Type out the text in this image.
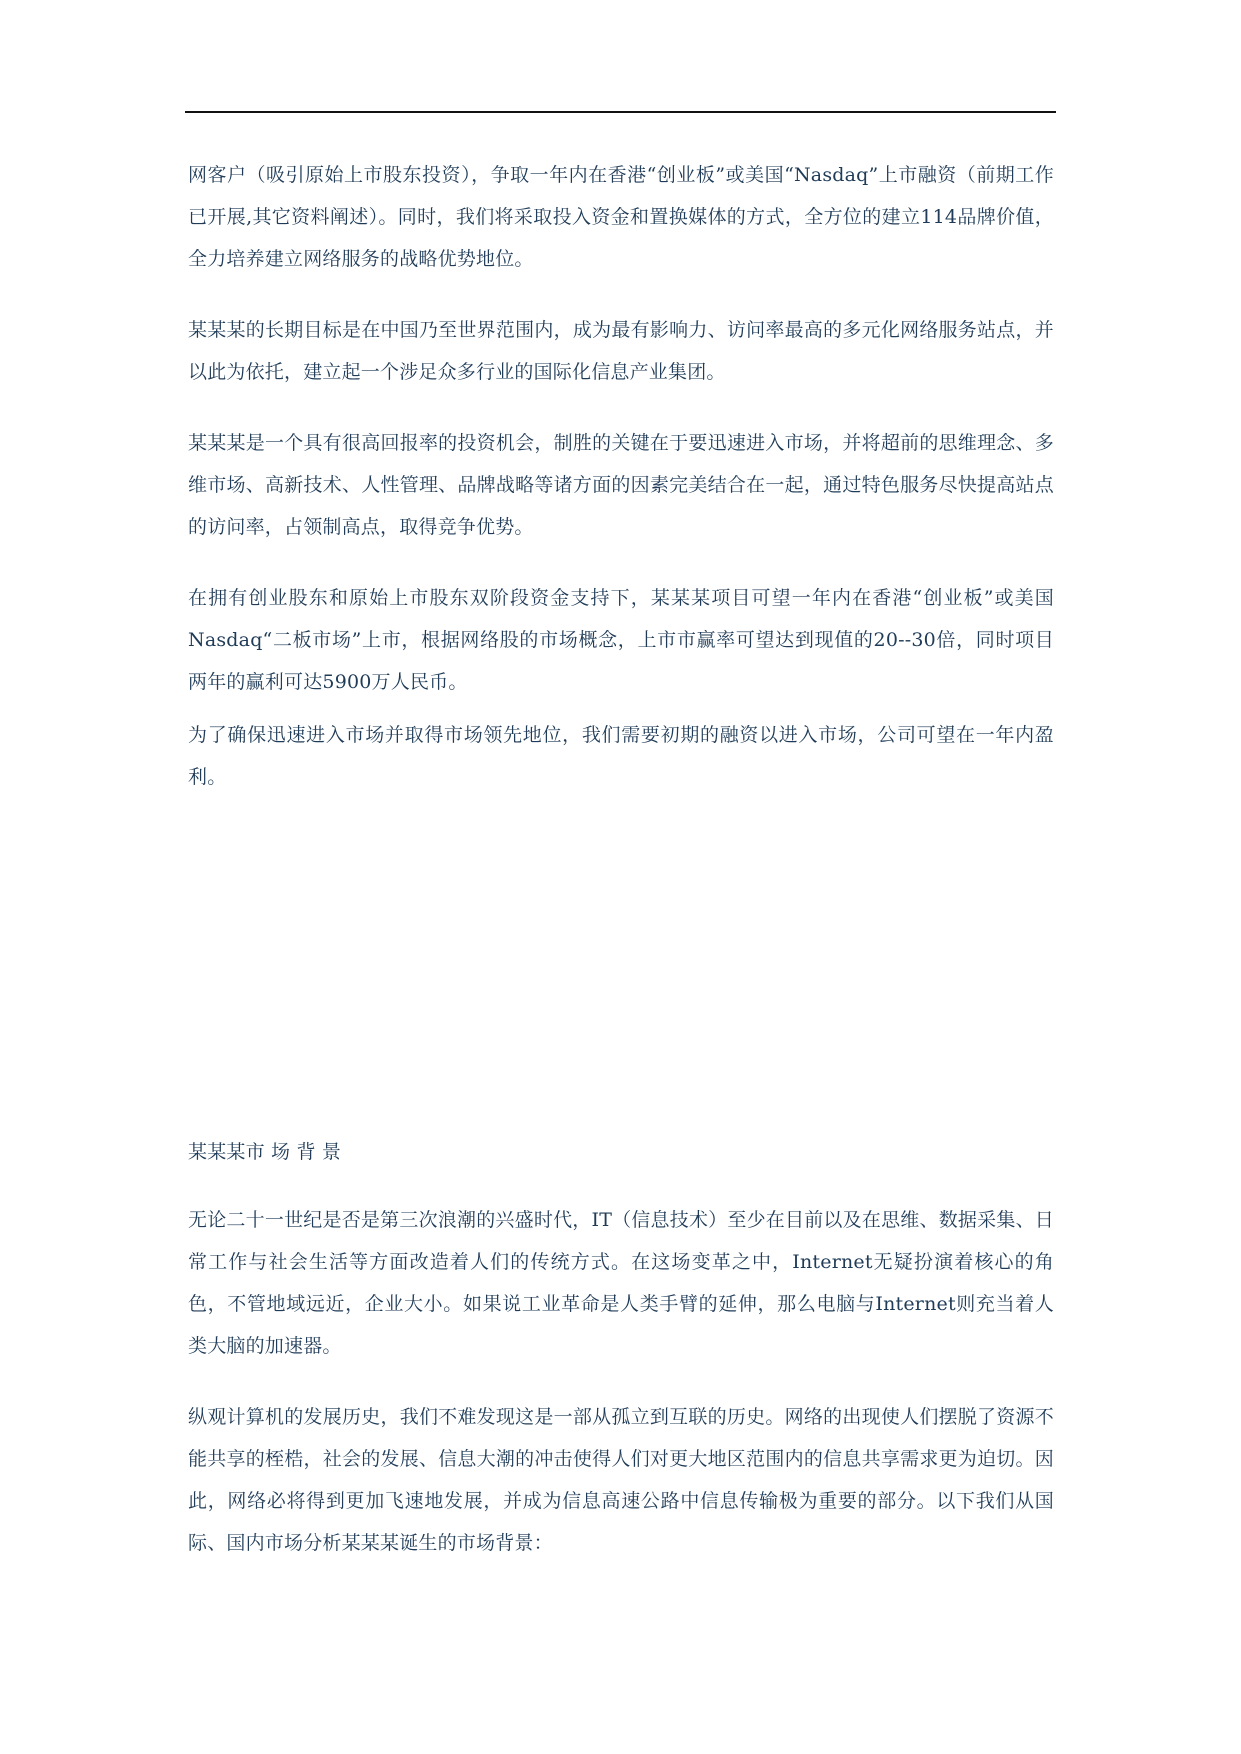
网客户（吸引原始上市股东投资），争取一年内在香港“创业板”或美国“Nasdaq”上市融资（前期工作已开展,其它资料阐述）。同时，我们将采取投入资金和置换媒体的方式，全方位的建立114品牌价值，全力培养建立网络服务的战略优势地位。

某某某的长期目标是在中国乃至世界范围内，成为最有影响力、访问率最高的多元化网络服务站点，并以此为依托，建立起一个涉足众多行业的国际化信息产业集团。

某某某是一个具有很高回报率的投资机会，制胜的关键在于要迅速进入市场，并将超前的思维理念、多维市场、高新技术、人性管理、品牌战略等诸方面的因素完美结合在一起，通过特色服务尽快提高站点的访问率，占领制高点，取得竞争优势。

在拥有创业股东和原始上市股东双阶段资金支持下，某某某项目可望一年内在香港“创业板”或美国Nasdaq“二板市场”上市，根据网络股的市场概念，上市市赢率可望达到现值的20--30倍，同时项目两年的赢利可达5900万人民币。

为了确保迅速进入市场并取得市场领先地位，我们需要初期的融资以进入市场，公司可望在一年内盈利。

某某某市 场 背 景

无论二十一世纪是否是第三次浪潮的兴盛时代，IT（信息技术）至少在目前以及在思维、数据采集、日常工作与社会生活等方面改造着人们的传统方式。在这场变革之中，Internet无疑扮演着核心的角色，不管地域远近，企业大小。如果说工业革命是人类手臂的延伸，那么电脑与Internet则充当着人类大脑的加速器。

纵观计算机的发展历史，我们不难发现这是一部从孤立到互联的历史。网络的出现使人们摆脱了资源不能共享的桎梏，社会的发展、信息大潮的冲击使得人们对更大地区范围内的信息共享需求更为迫切。因此，网络必将得到更加飞速地发展，并成为信息高速公路中信息传输极为重要的部分。以下我们从国际、国内市场分析某某某诞生的市场背景：
